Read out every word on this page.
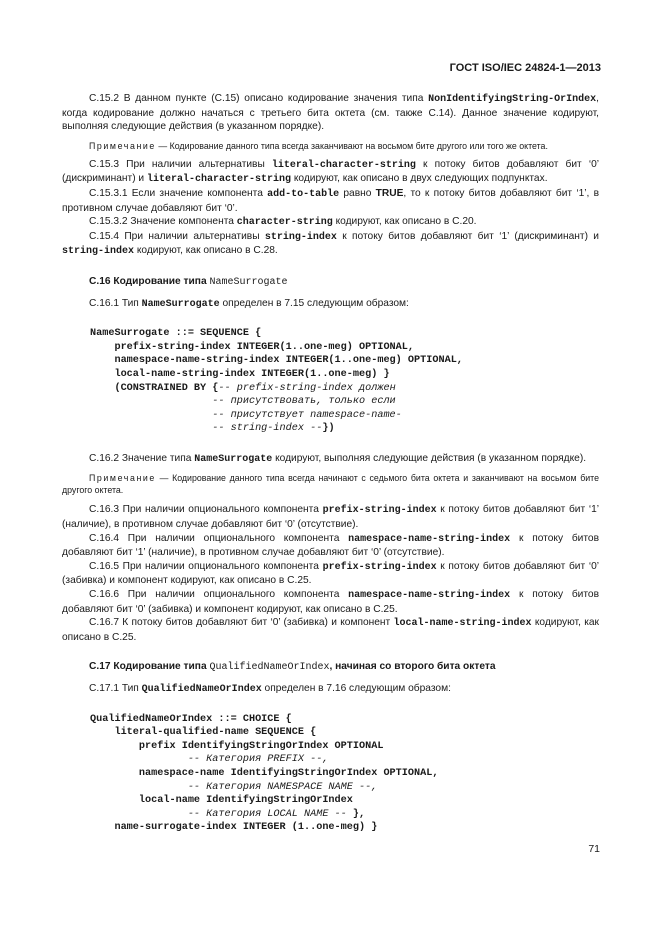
ГОСТ ISO/IEC 24824-1—2013

C.15.2 В данном пункте (C.15) описано кодирование значения типа NonIdentifyingString-OrIndex, когда кодирование должно начаться с третьего бита октета (см. также C.14). Данное значение кодируют, выполняя следующие действия (в указанном порядке).

Примечание — Кодирование данного типа всегда заканчивают на восьмом бите другого или того же октета.

C.15.3 При наличии альтернативы literal-character-string к потоку битов добавляют бит ‘0’ (дискриминант) и literal-character-string кодируют, как описано в двух следующих подпунктах.

C.15.3.1 Если значение компонента add-to-table равно TRUE, то к потоку битов добавляют бит ‘1’, в противном случае добавляют бит ‘0’.

C.15.3.2 Значение компонента character-string кодируют, как описано в C.20.

C.15.4 При наличии альтернативы string-index к потоку битов добавляют бит ‘1’ (дискриминант) и string-index кодируют, как описано в C.28.

C.16 Кодирование типа NameSurrogate

C.16.1 Тип NameSurrogate определен в 7.15 следующим образом:

NameSurrogate ::= SEQUENCE {
prefix-string-index INTEGER(1..one-meg) OPTIONAL,
namespace-name-string-index INTEGER(1..one-meg) OPTIONAL,
local-name-string-index INTEGER(1..one-meg) }
(CONSTRAINED BY {-- prefix-string-index должен
-- присутствовать, только если
-- присутствует namespace-name-
-- string-index --})

C.16.2 Значение типа NameSurrogate кодируют, выполняя следующие действия (в указанном порядке).

Примечание — Кодирование данного типа всегда начинают с седьмого бита октета и заканчивают на восьмом бите другого октета.

C.16.3 При наличии опционального компонента prefix-string-index к потоку битов добавляют бит ‘1’ (наличие), в противном случае добавляют бит ‘0’ (отсутствие).

C.16.4 При наличии опционального компонента namespace-name-string-index к потоку битов добавляют бит ‘1’ (наличие), в противном случае добавляют бит ‘0’ (отсутствие).

C.16.5 При наличии опционального компонента prefix-string-index к потоку битов добавляют бит ‘0’ (забивка) и компонент кодируют, как описано в C.25.

C.16.6 При наличии опционального компонента namespace-name-string-index к потоку битов добавляют бит ‘0’ (забивка) и компонент кодируют, как описано в C.25.

C.16.7 К потоку битов добавляют бит ‘0’ (забивка) и компонент local-name-string-index кодируют, как описано в C.25.

C.17 Кодирование типа QualifiedNameOrIndex, начиная со второго бита октета

C.17.1 Тип QualifiedNameOrIndex определен в 7.16 следующим образом:

QualifiedNameOrIndex ::= CHOICE {
literal-qualified-name SEQUENCE {
prefix IdentifyingStringOrIndex OPTIONAL
-- Категория PREFIX --,
namespace-name IdentifyingStringOrIndex OPTIONAL,
-- Категория NAMESPACE NAME --,
local-name IdentifyingStringOrIndex
-- Категория LOCAL NAME -- },
name-surrogate-index INTEGER (1..one-meg) }
71
